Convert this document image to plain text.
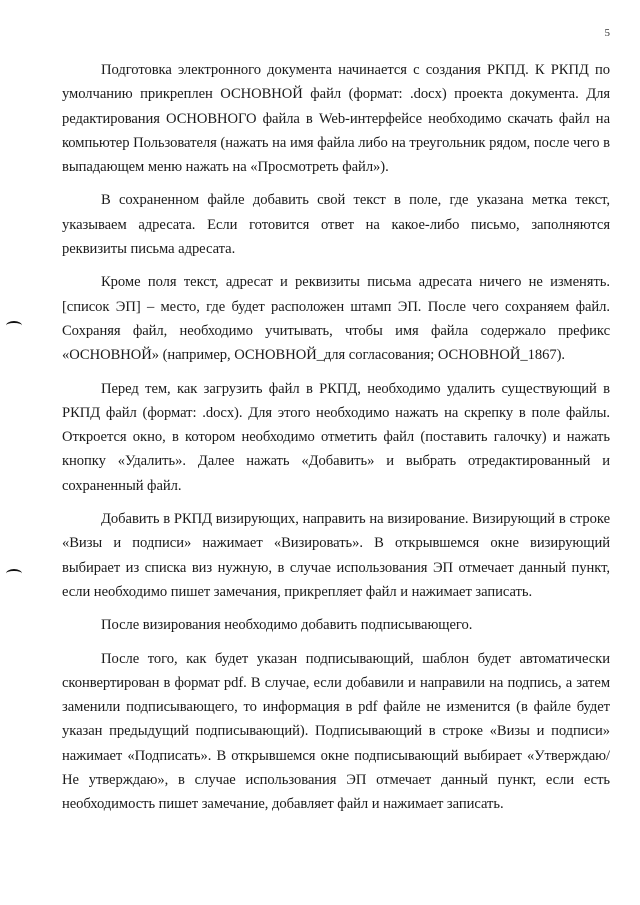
5

Подготовка электронного документа начинается с создания РКПД. К РКПД по умолчанию прикреплен ОСНОВНОЙ файл (формат: .docx) проекта документа. Для редактирования ОСНОВНОГО файла в Web-интерфейсе необходимо скачать файл на компьютер Пользователя (нажать на имя файла либо на треугольник рядом, после чего в выпадающем меню нажать на «Просмотреть файл»).

В сохраненном файле добавить свой текст в поле, где указана метка текст, указываем адресата. Если готовится ответ на какое-либо письмо, заполняются реквизиты письма адресата.

Кроме поля текст, адресат и реквизиты письма адресата ничего не изменять. [список ЭП] – место, где будет расположен штамп ЭП. После чего сохраняем файл. Сохраняя файл, необходимо учитывать, чтобы имя файла содержало префикс «ОСНОВНОЙ» (например, ОСНОВНОЙ_для согласования; ОСНОВНОЙ_1867).

Перед тем, как загрузить файл в РКПД, необходимо удалить существующий в РКПД файл (формат: .docx). Для этого необходимо нажать на скрепку в поле файлы. Откроется окно, в котором необходимо отметить файл (поставить галочку) и нажать кнопку «Удалить». Далее нажать «Добавить» и выбрать отредактированный и сохраненный файл.

Добавить в РКПД визирующих, направить на визирование. Визирующий в строке «Визы и подписи» нажимает «Визировать». В открывшемся окне визирующий выбирает из списка виз нужную, в случае использования ЭП отмечает данный пункт, если необходимо пишет замечания, прикрепляет файл и нажимает записать.

После визирования необходимо добавить подписывающего.

После того, как будет указан подписывающий, шаблон будет автоматически сконвертирован в формат pdf. В случае, если добавили и направили на подпись, а затем заменили подписывающего, то информация в pdf файле не изменится (в файле будет указан предыдущий подписывающий). Подписывающий в строке «Визы и подписи» нажимает «Подписать». В открывшемся окне подписывающий выбирает «Утверждаю/Не утверждаю», в случае использования ЭП отмечает данный пункт, если есть необходимость пишет замечание, добавляет файл и нажимает записать.
